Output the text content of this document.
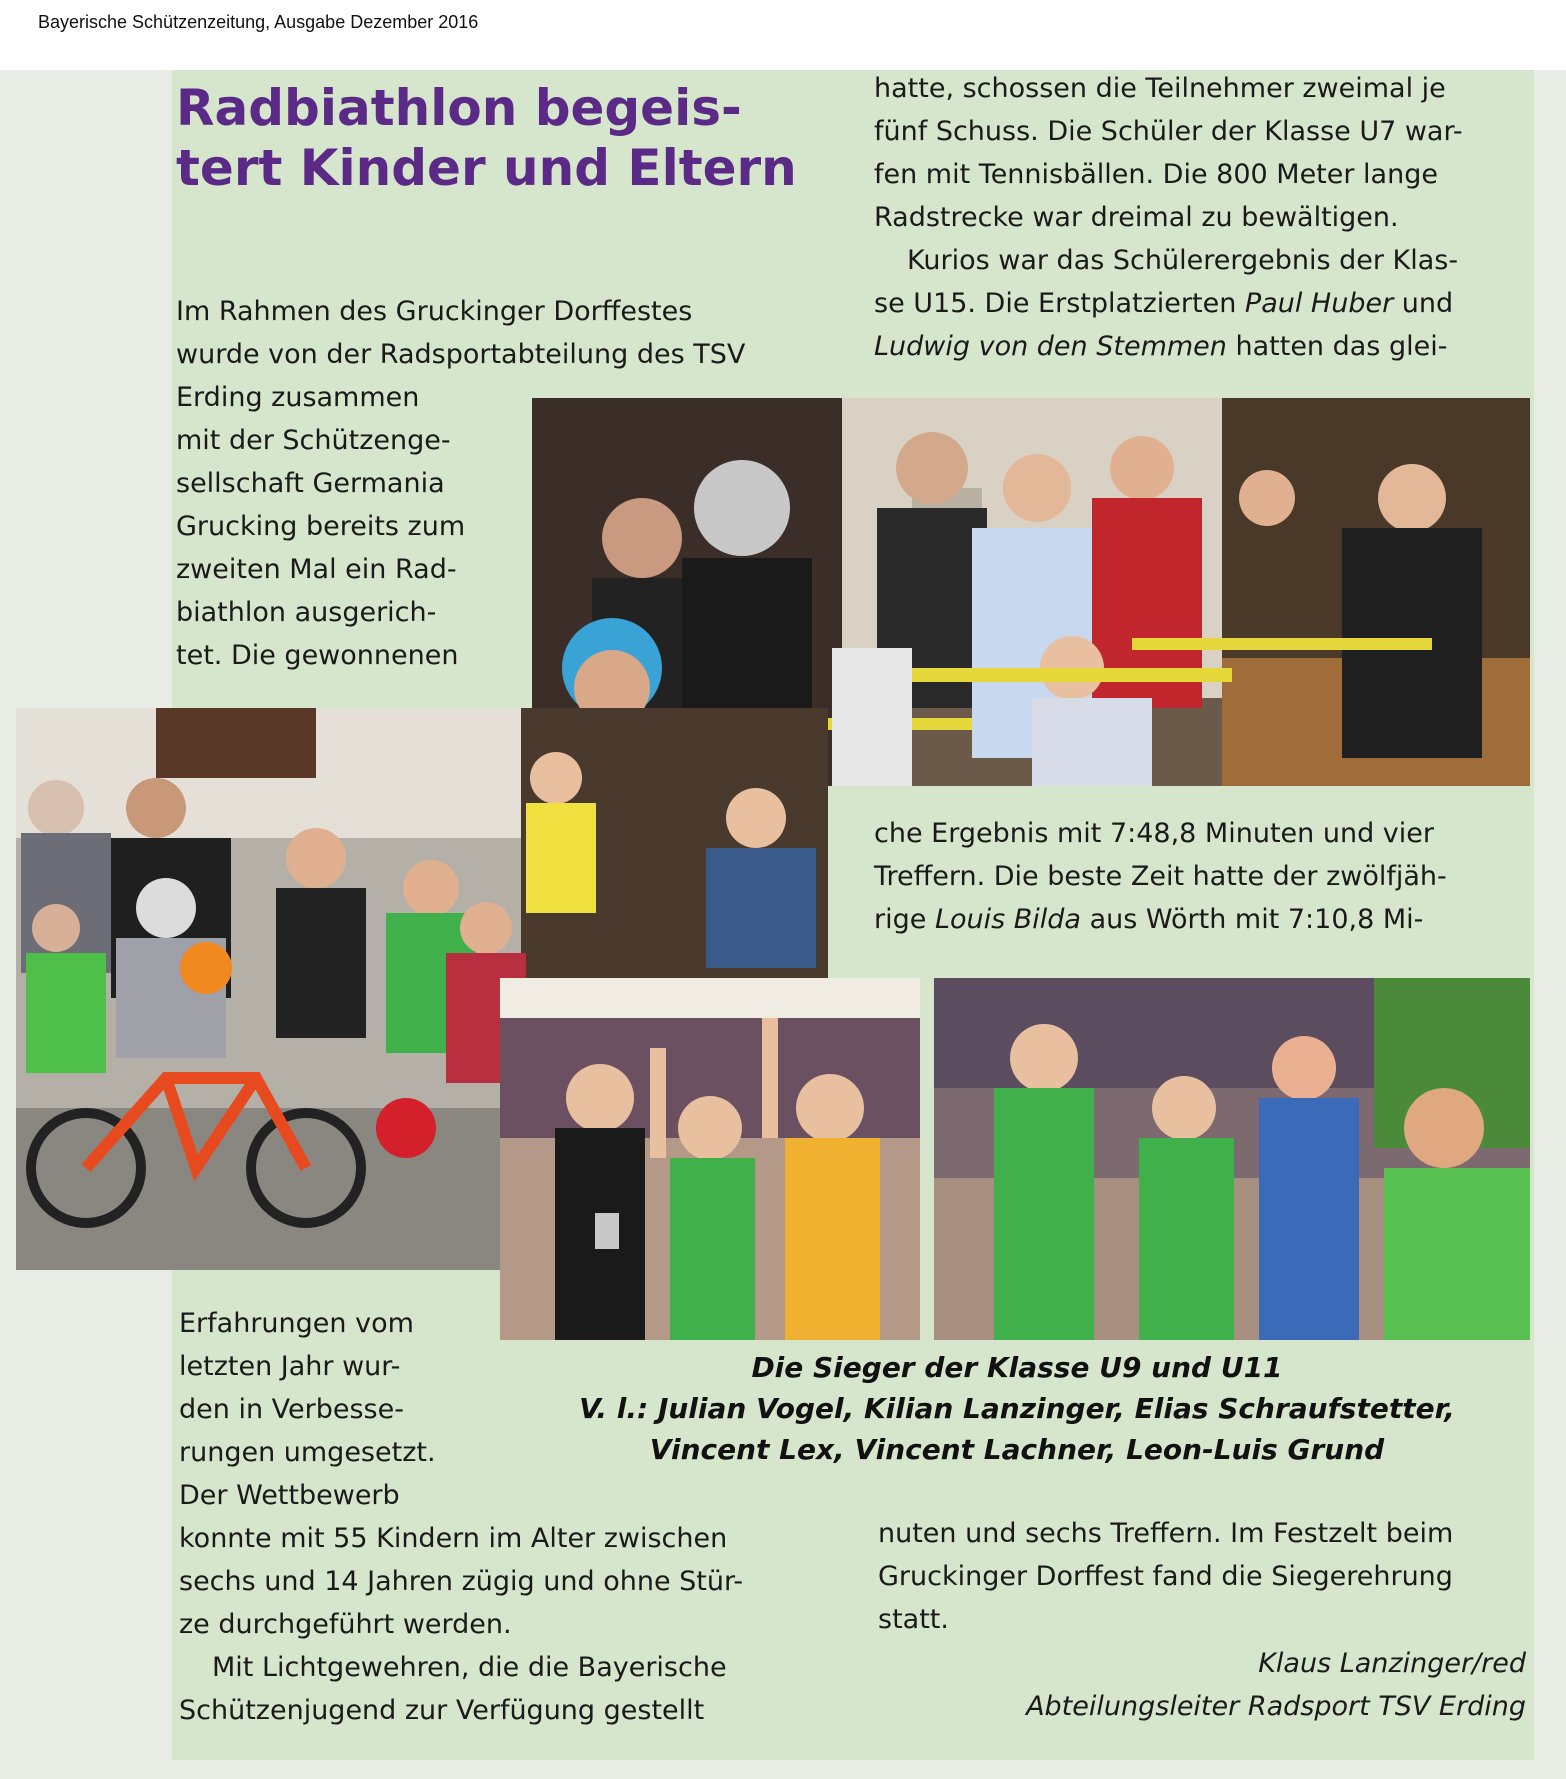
Bayerische Schützenzeitung, Ausgabe Dezember 2016
Radbiathlon begeis-
tert Kinder und Eltern
Im Rahmen des Gruckinger Dorffestes
wurde von der Radsportabteilung des TSV
Erding zusammen
mit der Schützenge-
sellschaft Germania
Grucking bereits zum
zweiten Mal ein Rad-
biathlon ausgerich-
tet. Die gewonnenen
hatte, schossen die Teilnehmer zweimal je
fünf Schuss. Die Schüler der Klasse U7 war-
fen mit Tennisbällen. Die 800 Meter lange
Radstrecke war dreimal zu bewältigen.
Kurios war das Schülerergebnis der Klas-
se U15. Die Erstplatzierten Paul Huber und
Ludwig von den Stemmen hatten das glei-
che Ergebnis mit 7:48,8 Minuten und vier
Treffern. Die beste Zeit hatte der zwölfjäh-
rige Louis Bilda aus Wörth mit 7:10,8 Mi-
Die Sieger der Klasse U9 und U11
V. l.: Julian Vogel, Kilian Lanzinger, Elias Schraufstetter,
Vincent Lex, Vincent Lachner, Leon-Luis Grund
Erfahrungen vom
letzten Jahr wur-
den in Verbesse-
rungen umgesetzt.
Der Wettbewerb
konnte mit 55 Kindern im Alter zwischen
sechs und 14 Jahren zügig und ohne Stür-
ze durchgeführt werden.
Mit Lichtgewehren, die die Bayerische
Schützenjugend zur Verfügung gestellt
nuten und sechs Treffern. Im Festzelt beim
Gruckinger Dorffest fand die Siegerehrung
statt.
Klaus Lanzinger/red
Abteilungsleiter Radsport TSV Erding
